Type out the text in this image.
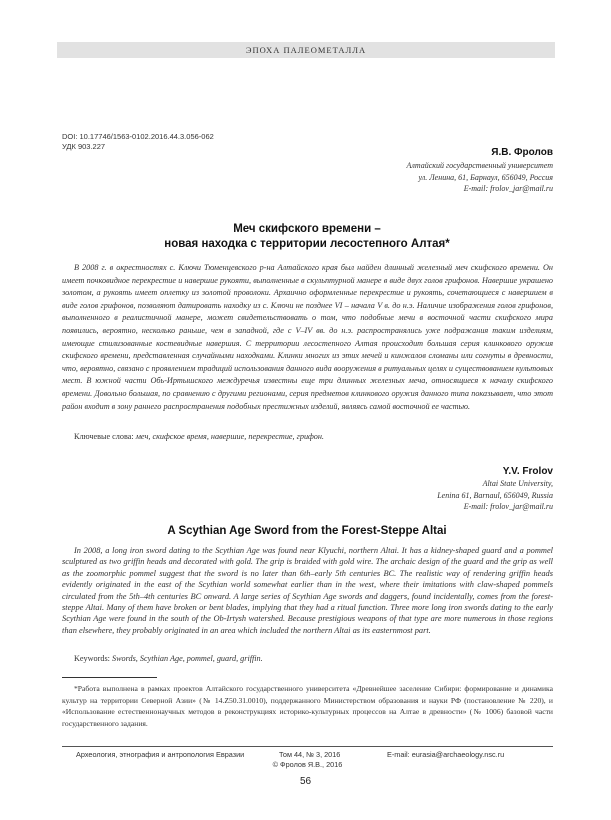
ЭПОХА ПАЛЕОМЕТАЛЛА
DOI: 10.17746/1563-0102.2016.44.3.056-062
УДК 903.227
Я.В. Фролов
Алтайский государственный университет
ул. Ленина, 61, Барнаул, 656049, Россия
E-mail: frolov_jar@mail.ru
Меч скифского времени –
новая находка с территории лесостепного Алтая*

В 2008 г. в окрестностях с. Ключи Тюменцевского р-на Алтайского края был найден длинный железный меч скифского времени. Он имеет почковидное перекрестие и навершие рукояти, выполненные в скульптурной манере в виде двух голов грифонов. Навершие украшено золотом, а рукоять имеет оплетку из золотой проволоки. Архаично оформленные перекрестие и рукоять, сочетающиеся с навершием в виде голов грифонов, позволяют датировать находку из с. Ключи не позднее VI – начала V в. до н.э. Наличие изображения голов грифонов, выполненного в реалистичной манере, может свидетельствовать о том, что подобные мечи в восточной части скифского мира появились, вероятно, несколько раньше, чем в западной, где с V–IV вв. до н.э. распространялись уже подражания таким изделиям, имеющие стилизованные костевидные навершия. С территории лесостепного Алтая происходит большая серия клинкового оружия скифского времени, представленная случайными находками. Клинки многих из этих мечей и кинжалов сломаны или согнуты в древности, что, вероятно, связано с проявлением традиций использования данного вида вооружения в ритуальных целях и существованием культовых мест. В южной части Обь-Иртышского междуречья известны еще три длинных железных меча, относящиеся к началу скифского времени. Довольно большая, по сравнению с другими регионами, серия предметов клинкового оружия данного типа показывает, что этот район входит в зону раннего распространения подобных престижных изделий, являясь самой восточной ее частью.

Ключевые слова: меч, скифское время, навершие, перекрестие, грифон.
Y.V. Frolov
Altai State University,
Lenina 61, Barnaul, 656049, Russia
E-mail: frolov_jar@mail.ru
A Scythian Age Sword from the Forest-Steppe Altai

In 2008, a long iron sword dating to the Scythian Age was found near Klyuchi, northern Altai. It has a kidney-shaped guard and a pommel sculptured as two griffin heads and decorated with gold. The grip is braided with gold wire. The archaic design of the guard and the grip as well as the zoomorphic pommel suggest that the sword is no later than 6th–early 5th centuries BC. The realistic way of rendering griffin heads evidently originated in the east of the Scythian world somewhat earlier than in the west, where their imitations with claw-shaped pommels circulated from the 5th–4th centuries BC onward. A large series of Scythian Age swords and daggers, found incidentally, comes from the forest-steppe Altai. Many of them have broken or bent blades, implying that they had a ritual function. Three more long iron swords dating to the early Scythian Age were found in the south of the Ob-Irtysh watershed. Because prestigious weapons of that type are more numerous in those regions than elsewhere, they probably originated in an area which included the northern Altai as its easternmost part.

Keywords: Swords, Scythian Age, pommel, guard, griffin.

*Работа выполнена в рамках проектов Алтайского государственного университета «Древнейшее заселение Сибири: формирование и динамика культур на территории Северной Азии» (№ 14.Z50.31.0010), поддержанного Министерством образования и науки РФ (постановление № 220), и «Использование естественнонаучных методов в реконструкциях историко-культурных процессов на Алтае в древности» (№ 1006) базовой части государственного задания.

Археология, этнография и антропология Евразии	Том 44, № 3, 2016	E-mail: eurasia@archaeology.nsc.ru
© Фролов Я.В., 2016
56
